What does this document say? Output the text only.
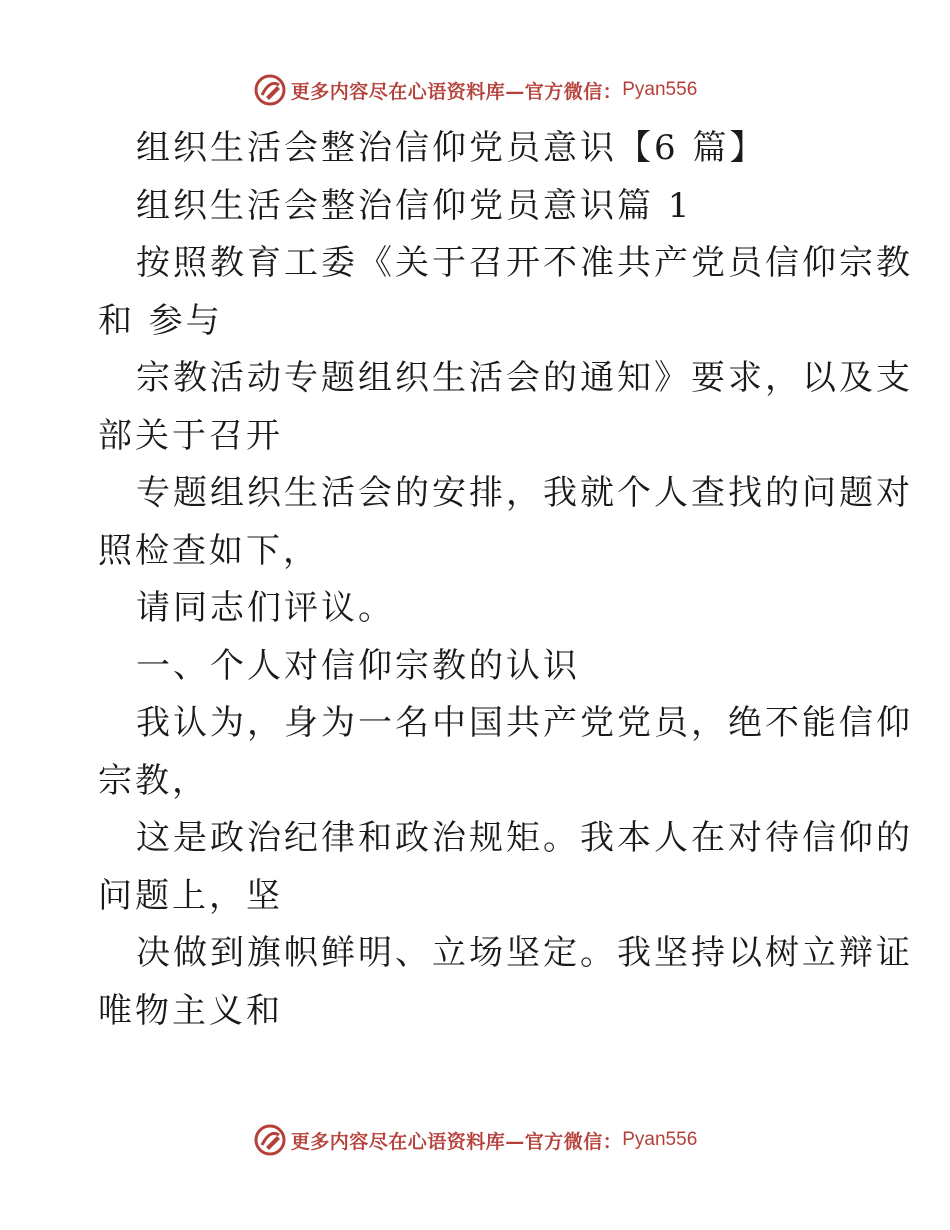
更多内容尽在心语资料库—官方微信： Pyan556
组织生活会整治信仰党员意识【6 篇】
组织生活会整治信仰党员意识篇 1
按照教育工委《关于召开不准共产党员信仰宗教
和 参与
宗教活动专题组织生活会的通知》要求，以及支
部关于召开
专题组织生活会的安排，我就个人查找的问题对
照检查如下，
请同志们评议。
一、个人对信仰宗教的认识
我认为，身为一名中国共产党党员，绝不能信仰
宗教，
这是政治纪律和政治规矩。我本人在对待信仰的
问题上，坚
决做到旗帜鲜明、立场坚定。我坚持以树立辩证
唯物主义和
更多内容尽在心语资料库—官方微信： Pyan556
